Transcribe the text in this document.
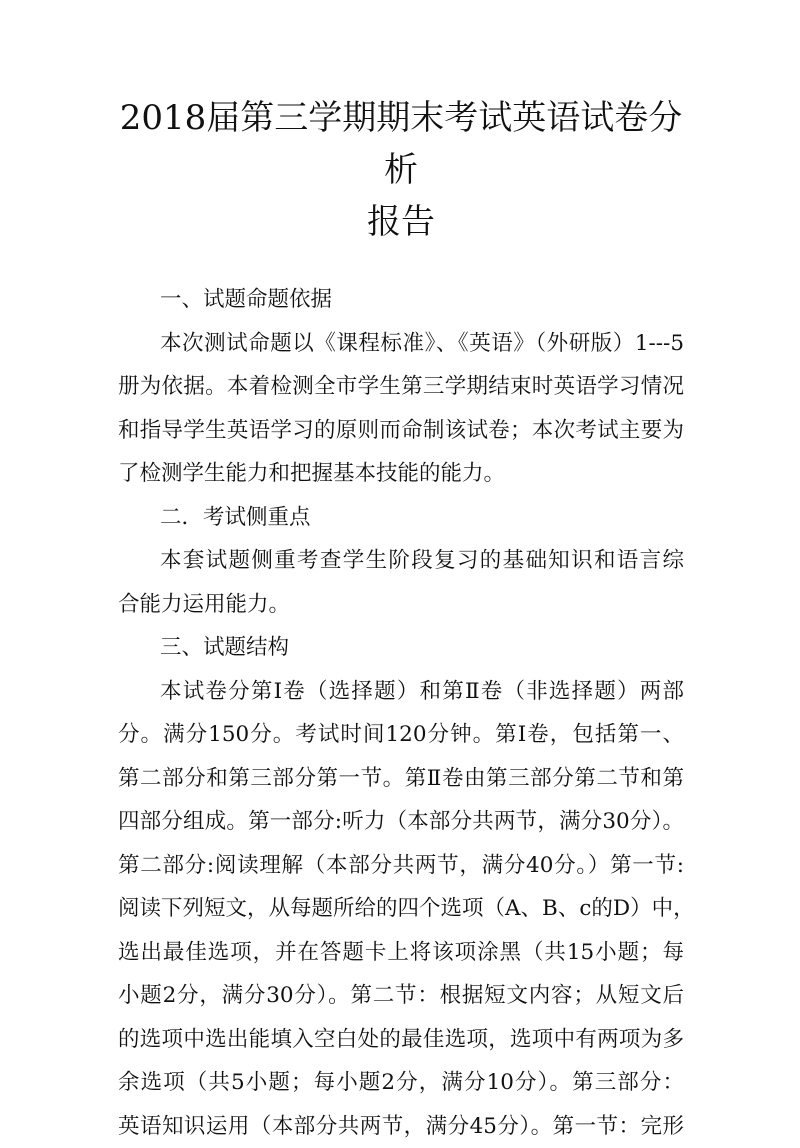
2018届第三学期期末考试英语试卷分析
报告

一、试题命题依据

本次测试命题以《课程标准》、《英语》（外研版）1---5

册为依据。本着检测全市学生第三学期结束时英语学习情况

和指导学生英语学习的原则而命制该试卷；本次考试主要为

了检测学生能力和把握基本技能的能力。

二．考试侧重点

本套试题侧重考查学生阶段复习的基础知识和语言综

合能力运用能力。

三、试题结构

本试卷分第Ⅰ卷（选择题）和第Ⅱ卷（非选择题）两部

分。满分150分。考试时间120分钟。第Ⅰ卷，包括第一、

第二部分和第三部分第一节。第Ⅱ卷由第三部分第二节和第

四部分组成。第一部分:听力（本部分共两节，满分30分）。

第二部分:阅读理解（本部分共两节，满分40分。）第一节:

阅读下列短文，从每题所给的四个选项（A、B、c的D）中，

选出最佳选项，并在答题卡上将该项涂黑（共15小题；每

小题2分，满分30分）。第二节：根据短文内容；从短文后

的选项中选出能填入空白处的最佳选项，选项中有两项为多

余选项（共5小题；每小题2分，满分10分）。第三部分：

英语知识运用（本部分共两节，满分45分）。第一节：完形
